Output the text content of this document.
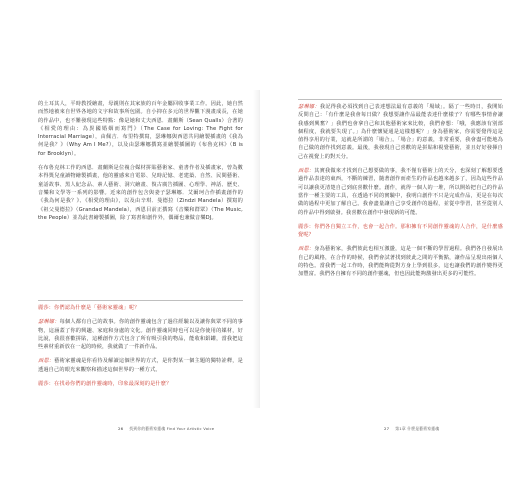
的土耳其人，平時教授繪畫，母親則在其家族的百年金屬回收事業工作。因此，她自然而然地被來自世界各地的文字和故事所包圍。自小抑在多元的世界觀下漫畫成長，在她的作品中，也不難發現這些特點：像是她和丈夫西恩．畫蘭斯（Sean Qualls）合著的《相愛的理由：為異國婚姻而寫鬥》（The Case for Loving: The Fight for Interracial Marriage），由佩吉．布里特撰寫，瑟琳娜與西恩共同繪製插畫的《我為何是我？》（Why Am I Me?），以及由瑟琳娜撰寫並繪製插圖的《布魯克林》（B is for Brooklyn）。

在布魯克林工作的西恩．畫蘭斯是位複合媒材拼貼藝術家、童書作者及插畫家，曾為數本得獎兒童讀物繪製插畫，他的靈感來自電影、兒時記憶、老建築、自然、民間藝術、童話故事、黑人紀念品、素人藝術、洞穴繪畫、復古廣告插圖、心理學、神話、歷史、音樂和文學等一系列的影響。近來的創作包含與妻子瑟琳娜．艾爾珂合作插畫創作的《我為何是我？》、《相愛的理由》，以及由辛琪．曼德拉（Zindzi Mandela）撰寫的《祖父曼德拉》（Grandad Mandela），西恩目前正撰寫《音樂和群眾》（The Music, the People）並為此書繪製插圖，除了寫書和創作外，偶爾也兼做音樂DJ。

麗莎：你們認為什麼是「藝術家靈魂」呢？

瑟琳娜：每個人都有自己的故事。你的創作靈魂包含了過往經驗以及讓你與眾不同的事物，這涵蓋了你的興趣、家庭和身處的文化。創作靈魂同時也可以是你使用的媒材，好比說，我很喜歡拼貼，這種創作方式包含了所有吸引我的物品，能收和鋁罐，當我把這些素材重新放在一起的時候，我就做了一件新作品。

西恩：藝術家靈魂是你看待及解讀這個世界的方式，是你對某一個主題的獨特詮釋，是透過自己的眼光來觀察和描述這個世界的一種方式。

麗莎：在找尋你們的創作靈魂時，印象最深刻的是什麼？

26 找到你的藝術家靈魂 Find Your Artistic Voice

瑟琳娜：我記得我必須找到自己表達想法最有意義的「場域」。隔了一些時日，我開始反問自己：「有什麼是我會每日做？我想要讓作品最能表達什麼樣子？有哪些事情會讓我感到興奮？」我們也會拿自己和其他藝術家來比較，我們會想：「哦，我應該有別部個程度，我就要失現了。」為什麼懷疑通是這樣想呢？」身為藝術家，你需要覺得這是值得享用的行業，這就是所謂的「場合」。「場合」的意義，非常重要，我會盡可能地為自己做的創作找到意義。最後，我發現自己喜歡的是拼貼和視覺藝術，並且好好發揮自己在視覺上的對天分。

西恩：其實我做來才找到自己想要做的事，我不僅有藝術上的天分，也深刻了解想要透過作品表達的東西，不斷的練習，隨著創作而產生的作品也越來越多了，因為這些作品可以讓我更清楚自己到底喜歡什麼。創作，就得一個人的一堆，所以開始把自己的作品當作一種主要的工具，在透過不同的實驗中，我明白創作不只是完成作品，更是在每次做的過程中更加了解自己。我會盡量讓自己享受創作的過程，並從中學習，甚至從別人的作品中得到啟發。我喜歡在創作中發現新的可能。

麗莎：你們各自獨立工作，也會一起合作。那和擁有不同創作靈魂的人合作，是什麼感覺呢？

西恩：身為藝術家，我們彼此也相互激盪，這是一個不斷的學習過程。我們各自發展出自己的風格，在合作的時候，我們會試著找到彼此之間的平衡點，讓作品呈現出兩個人的特色。當我們一起工作時，我們能夠從對方身上學到很多，這也讓我們的創作變得更加豐富。我們各自擁有不同的創作靈魂，但也因此能夠激發出更多的可能性。

27 第1章 什麼是藝術家靈魂
